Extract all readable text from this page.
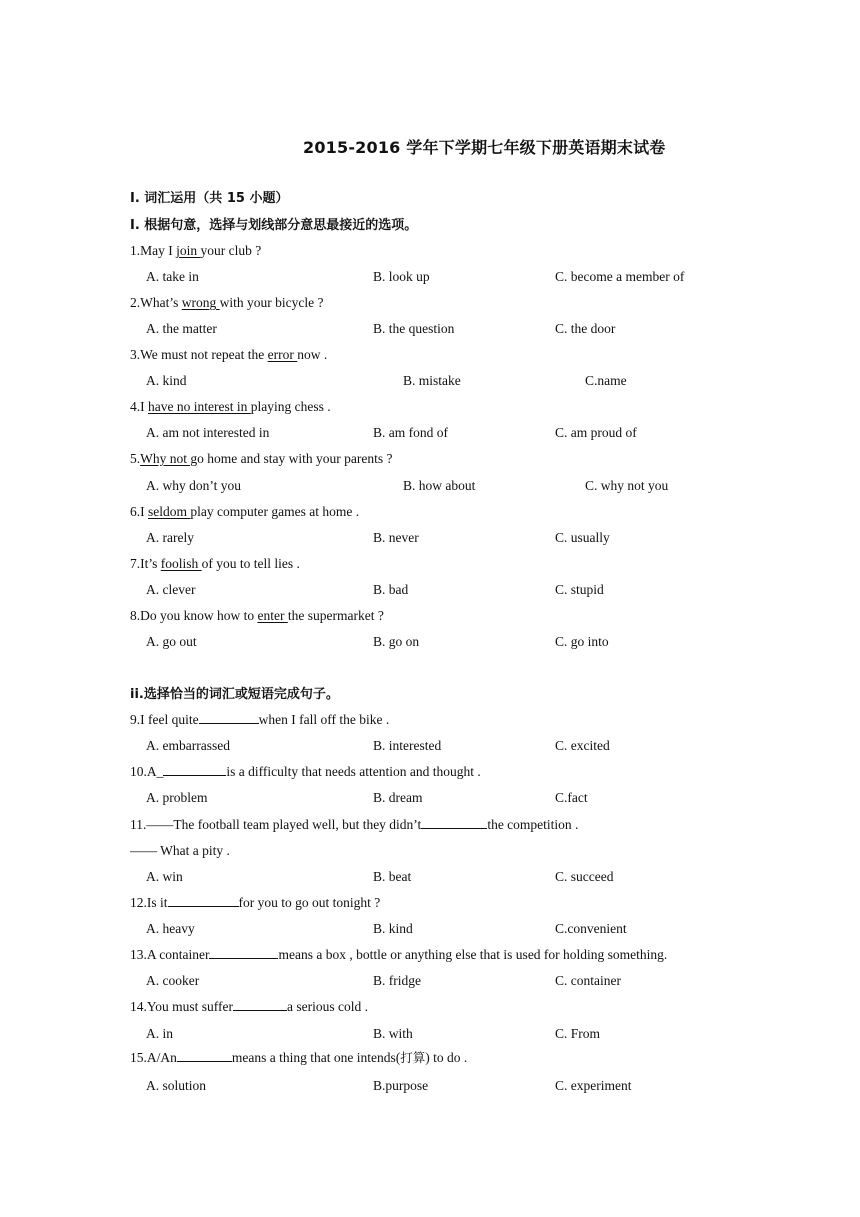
2015-2016 学年下学期七年级下册英语期末试卷
I. 词汇运用（共 15 小题）
I. 根据句意，选择与划线部分意思最接近的选项。
1.May I join your club ?
A. take in	B. look up	C. become a member of
2.What’s wrong with your bicycle ?
A. the matter	B. the question	C. the door
3.We must not repeat the error now .
A. kind	B. mistake	C.name
4.I have no interest in playing chess .
A. am not interested in	B. am fond of	C. am proud of
5.Why not go home and stay with your parents ?
A. why don’t you	B. how about	C. why not you
6.I seldom play computer games at home .
A. rarely	B. never	C. usually
7.It’s foolish of you to tell lies .
A. clever	B. bad	C. stupid
8.Do you know how to enter the supermarket ?
A. go out	B. go on	C. go into
ii.选择恰当的词汇或短语完成句子。
9.I feel quite	when I fall off the bike .
A. embarrassed	B. interested	C. excited
10.A_	is a difficulty that needs attention and thought .
A. problem	B. dream	C.fact
11.——The football team played well, but they didn’t	the competition .
—— What a pity .
A. win	B. beat	C. succeed
12.Is it	for you to go out tonight ?
A. heavy	B. kind	C.convenient
13.A container	means a box , bottle or anything else that is used for holding something.
A. cooker	B. fridge	C. container
14.You must suffer	a serious cold .
A. in	B. with	C. From
15.A/An	means a thing that one intends(打算) to do .
A. solution	B.purpose	C. experiment
